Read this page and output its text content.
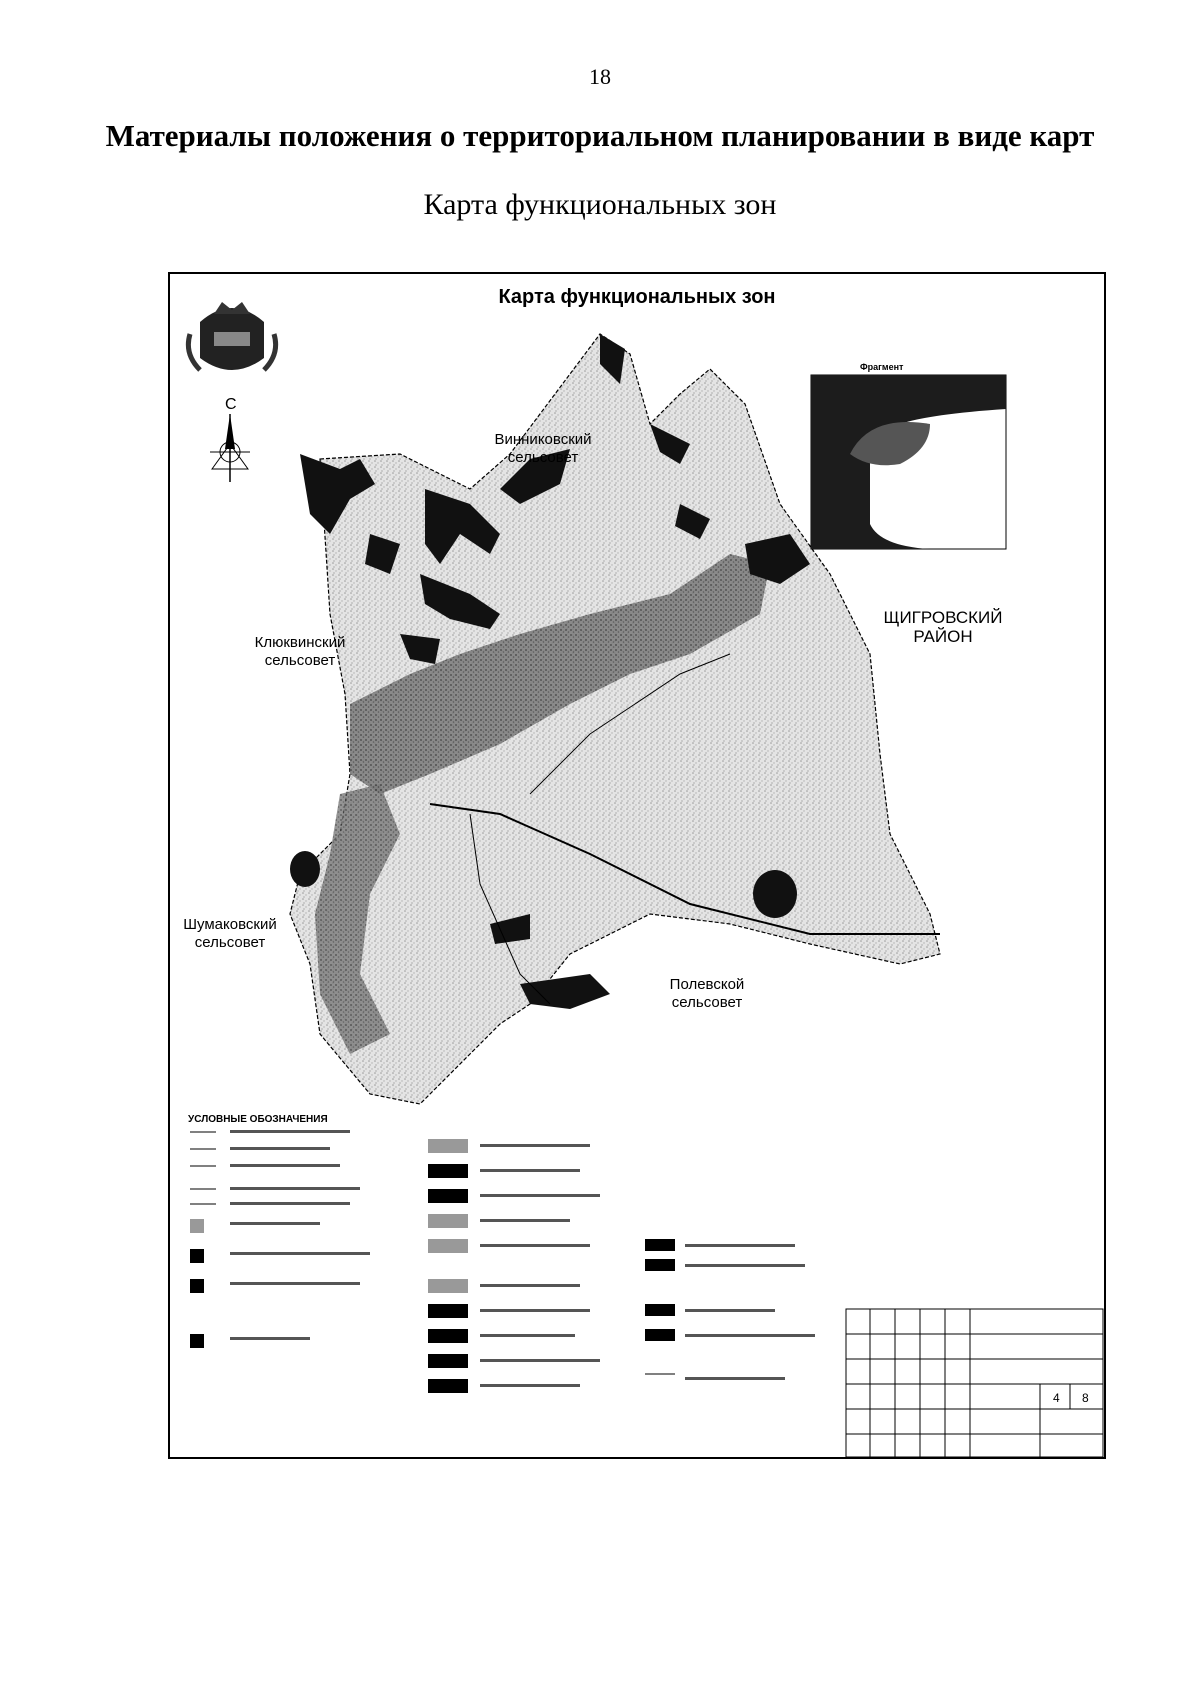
18
Материалы положения о территориальном планировании в виде карт
Карта функциональных зон
Карта функциональных зон
С
Фрагмент
Винниковский
сельсовет
Клюквинский
сельсовет
ЩИГРОВСКИЙ
РАЙОН
Шумаковский
сельсовет
Полевской
сельсовет
УСЛОВНЫЕ ОБОЗНАЧЕНИЯ
4 8
